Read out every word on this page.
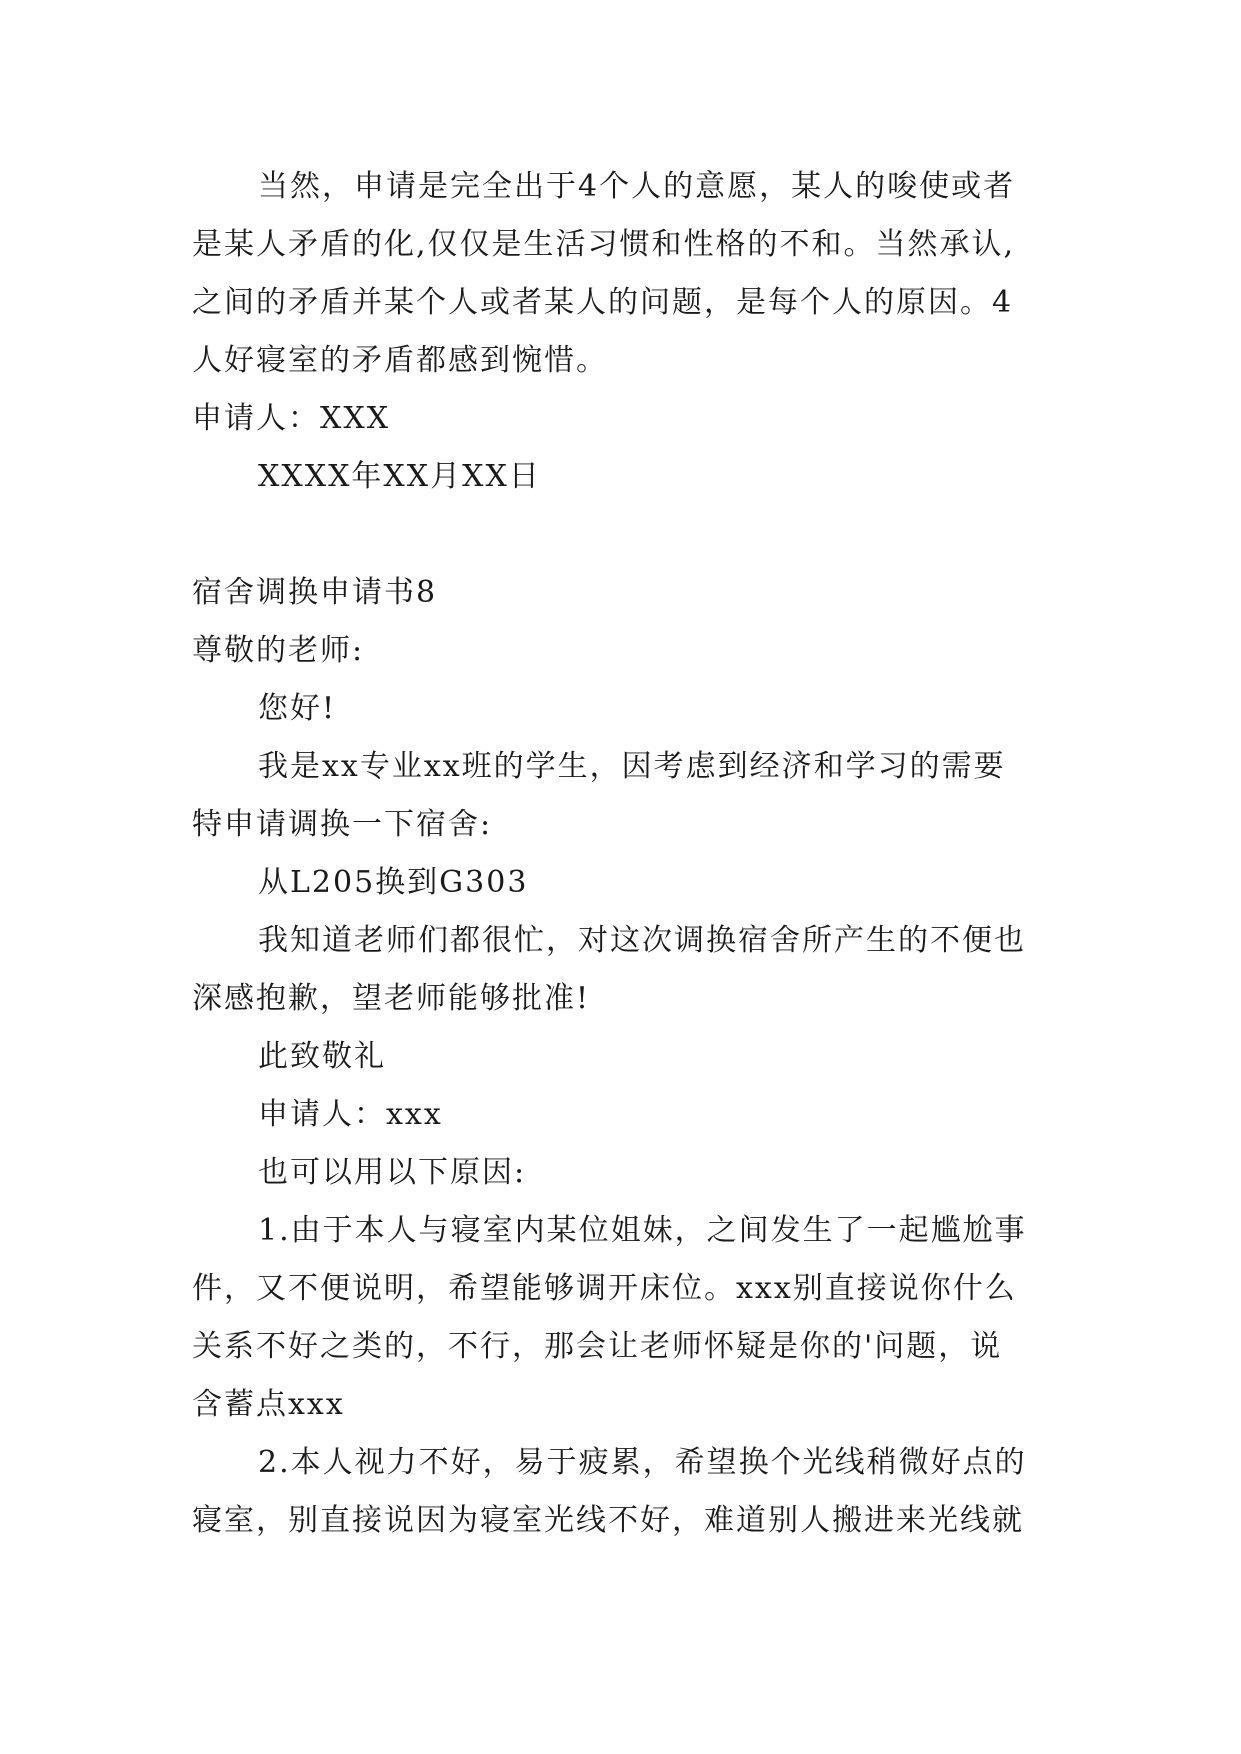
当然，申请是完全出于4个人的意愿，某人的唆使或者
是某人矛盾的化,仅仅是生活习惯和性格的不和。当然承认,
之间的矛盾并某个人或者某人的问题，是每个人的原因。4
人好寝室的矛盾都感到惋惜。
申请人：XXX
XXXX年XX月XX日
宿舍调换申请书8
尊敬的老师:
您好!
我是xx专业xx班的学生，因考虑到经济和学习的需要
特申请调换一下宿舍:
从L205换到G303
我知道老师们都很忙，对这次调换宿舍所产生的不便也
深感抱歉，望老师能够批准!
此致敬礼
申请人：xxx
也可以用以下原因:
1.由于本人与寝室内某位姐妹，之间发生了一起尴尬事
件，又不便说明，希望能够调开床位。xxx别直接说你什么
关系不好之类的，不行，那会让老师怀疑是你的'问题，说
含蓄点xxx
2.本人视力不好，易于疲累，希望换个光线稍微好点的
寝室，别直接说因为寝室光线不好，难道别人搬进来光线就
